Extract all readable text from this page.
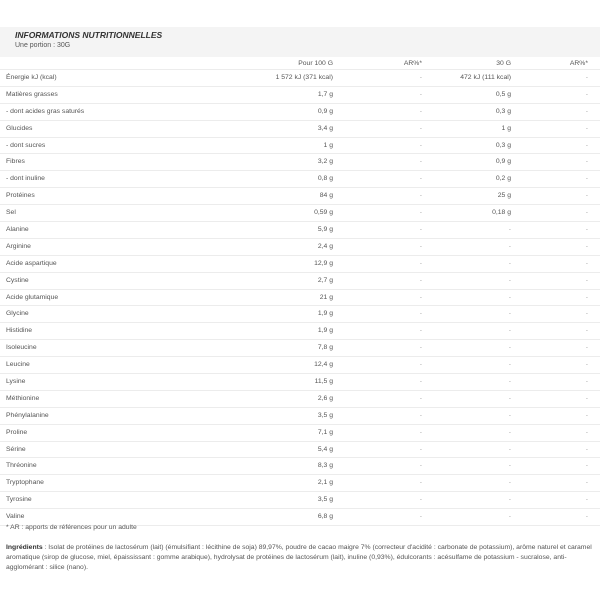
INFORMATIONS NUTRITIONNELLES
Une portion : 30G
Pour 100 G	AR%*	30 G	AR%*
Énergie kJ (kcal)	1 572 kJ (371 kcal)	-	472 kJ (111 kcal)	-
Matières grasses	1,7 g	-	0,5 g	-
- dont acides gras saturés	0,9 g	-	0,3 g	-
Glucides	3,4 g	-	1 g	-
- dont sucres	1 g	-	0,3 g	-
Fibres	3,2 g	-	0,9 g	-
- dont inuline	0,8 g	-	0,2 g	-
Protéines	84 g	-	25 g	-
Sel	0,59 g	-	0,18 g	-
Alanine	5,9 g	-	-	-
Arginine	2,4 g	-	-	-
Acide aspartique	12,9 g	-	-	-
Cystine	2,7 g	-	-	-
Acide glutamique	21 g	-	-	-
Glycine	1,9 g	-	-	-
Histidine	1,9 g	-	-	-
Isoleucine	7,8 g	-	-	-
Leucine	12,4 g	-	-	-
Lysine	11,5 g	-	-	-
Méthionine	2,6 g	-	-	-
Phénylalanine	3,5 g	-	-	-
Proline	7,1 g	-	-	-
Sérine	5,4 g	-	-	-
Thréonine	8,3 g	-	-	-
Tryptophane	2,1 g	-	-	-
Tyrosine	3,5 g	-	-	-
Valine	6,8 g	-	-	-
* AR : apports de références pour un adulte
Ingrédients : Isolat de protéines de lactosérum (lait) (émulsifiant : lécithine de soja) 89,97%, poudre de cacao maigre 7% (correcteur d'acidité : carbonate de potassium), arôme naturel et caramel aromatique (sirop de glucose, miel, épaississant : gomme arabique), hydrolysat de protéines de lactosérum (lait), inuline (0,93%), édulcorants : acésulfame de potassium - sucralose, anti-agglomérant : silice (nano).
